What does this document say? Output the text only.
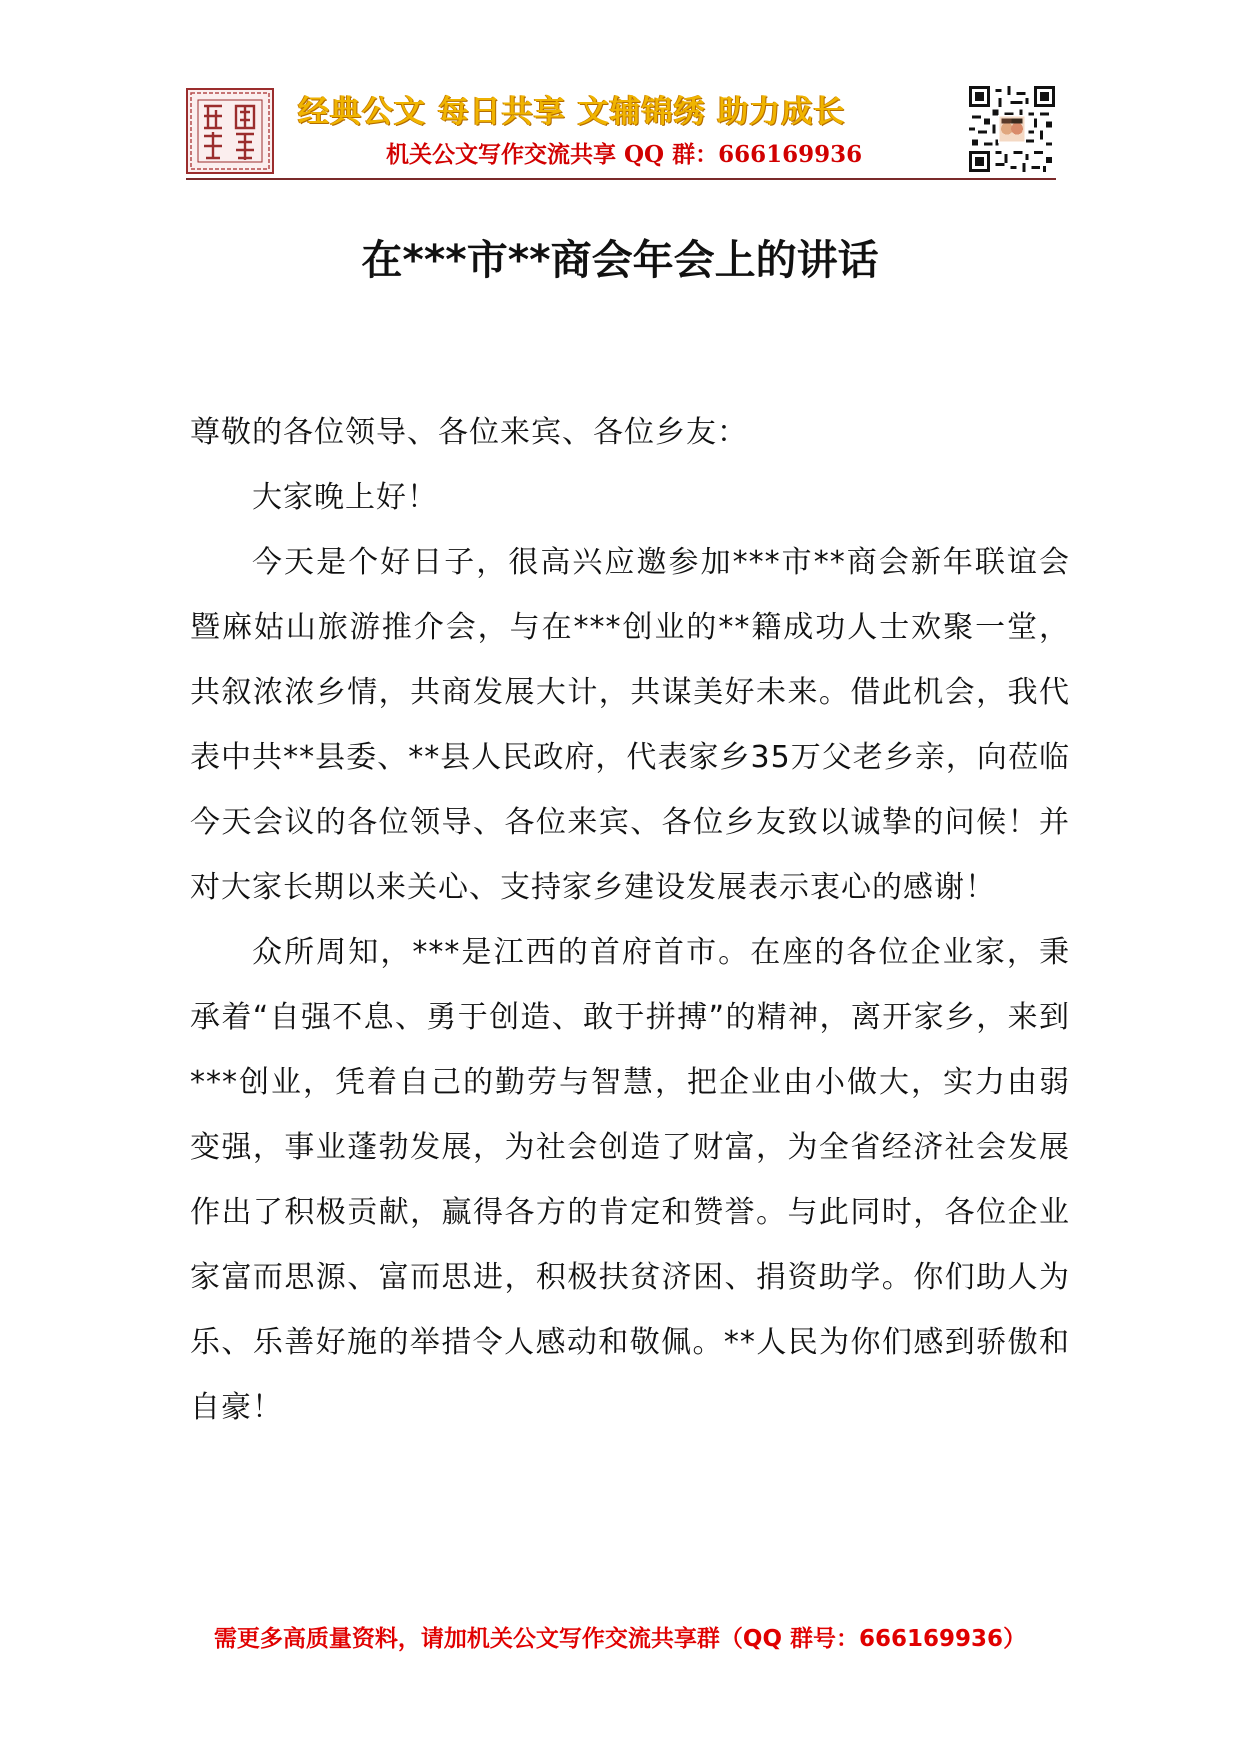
经典公文 每日共享 文辅锦绣 助力成长
机关公文写作交流共享 QQ 群：666169936
在***市**商会年会上的讲话

尊敬的各位领导、各位来宾、各位乡友：

大家晚上好！

今天是个好日子，很高兴应邀参加***市**商会新年联谊会暨麻姑山旅游推介会，与在***创业的**籍成功人士欢聚一堂，共叙浓浓乡情，共商发展大计，共谋美好未来。借此机会，我代表中共**县委、**县人民政府，代表家乡35万父老乡亲，向莅临今天会议的各位领导、各位来宾、各位乡友致以诚挚的问候！并对大家长期以来关心、支持家乡建设发展表示衷心的感谢！

众所周知，***是江西的首府首市。在座的各位企业家，秉承着“自强不息、勇于创造、敢于拼搏”的精神，离开家乡，来到***创业，凭着自己的勤劳与智慧，把企业由小做大，实力由弱变强，事业蓬勃发展，为社会创造了财富，为全省经济社会发展作出了积极贡献，赢得各方的肯定和赞誉。与此同时，各位企业家富而思源、富而思进，积极扶贫济困、捐资助学。你们助人为乐、乐善好施的举措令人感动和敬佩。**人民为你们感到骄傲和自豪！

需更多高质量资料，请加机关公文写作交流共享群（QQ 群号：666169936）
